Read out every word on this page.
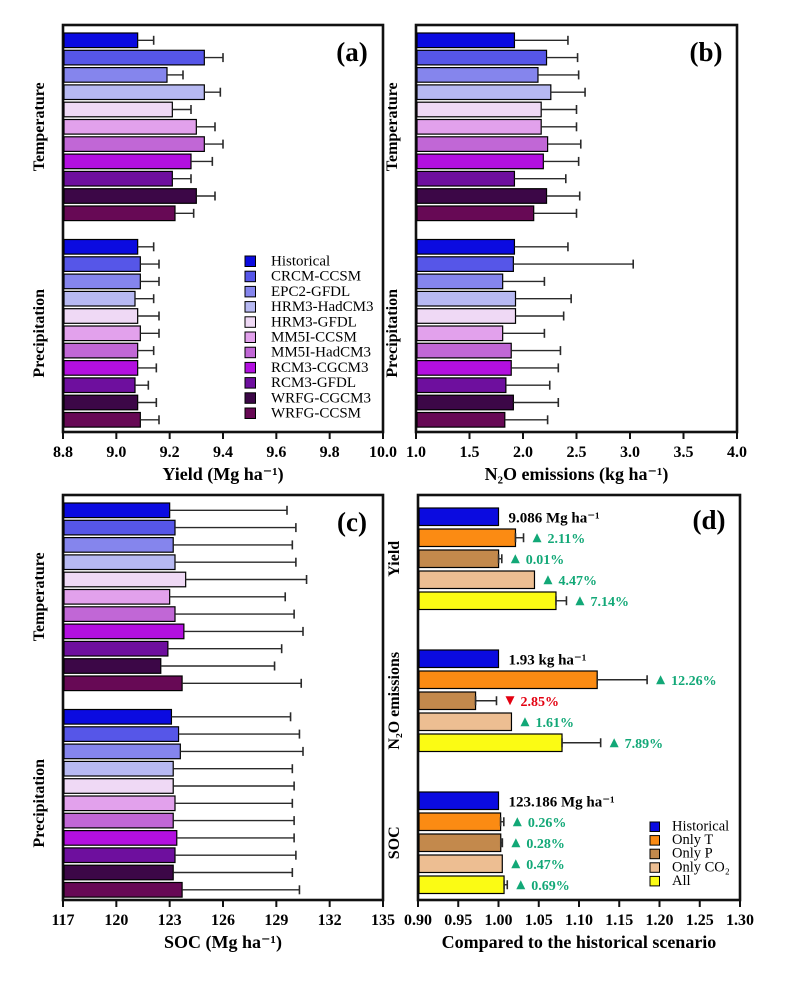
8.8 9.0 9.2 9.4 9.6 9.8 10.0
Yield (Mg ha⁻¹)
(a)
Temperature
Precipitation
1.0 1.5 2.0 2.5 3.0 3.5 4.0
N₂O emissions (kg ha⁻¹)
(b)
Temperature
Precipitation
117 120 123 126 129 132 135
SOC (Mg ha⁻¹)
(c)
Temperature
Precipitation
0.90 0.95 1.00 1.05 1.10 1.15 1.20 1.25 1.30
Compared to the historical scenario
(d)
Yield
9.086 Mg ha⁻¹
2.11%
0.01%
4.47%
7.14%
N₂O emissions	1.93 kg ha⁻¹
12.26%
2.85%
1.61%
7.89%
SOC
123.186 Mg ha⁻¹
0.26%
0.28%
0.47%
0.69%
Historical
CRCM-CCSM
EPC2-GFDL
HRM3-HadCM3
HRM3-GFDL
MM5I-CCSM
MM5I-HadCM3
RCM3-CGCM3
RCM3-GFDL
WRFG-CGCM3
WRFG-CCSM
Historical
Only T
Only P
Only CO₂
All
